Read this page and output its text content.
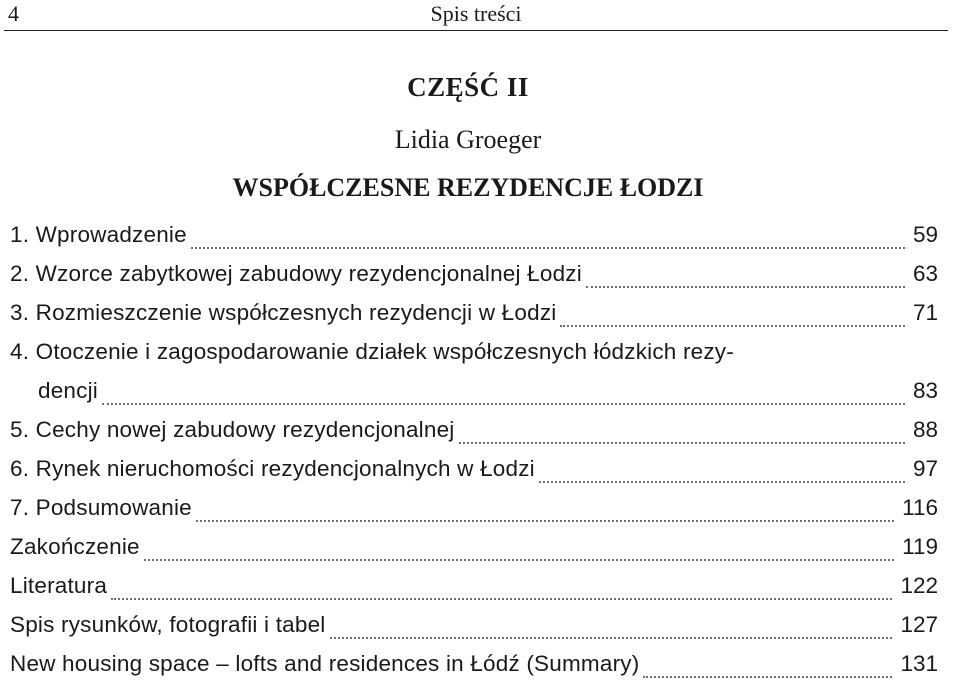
4	Spis treści
CZĘŚĆ II
Lidia Groeger
WSPÓŁCZESNE REZYDENCJE ŁODZI
1. Wprowadzenie	59
2. Wzorce zabytkowej zabudowy rezydencjonalnej Łodzi	63
3. Rozmieszczenie współczesnych rezydencji w Łodzi	71
4. Otoczenie i zagospodarowanie działek współczesnych łódzkich rezy-
dencji	83
5. Cechy nowej zabudowy rezydencjonalnej	88
6. Rynek nieruchomości rezydencjonalnych w Łodzi	97
7. Podsumowanie	116
Zakończenie	119
Literatura	122
Spis rysunków, fotografii i tabel	127
New housing space – lofts and residences in Łódź (Summary)	131
